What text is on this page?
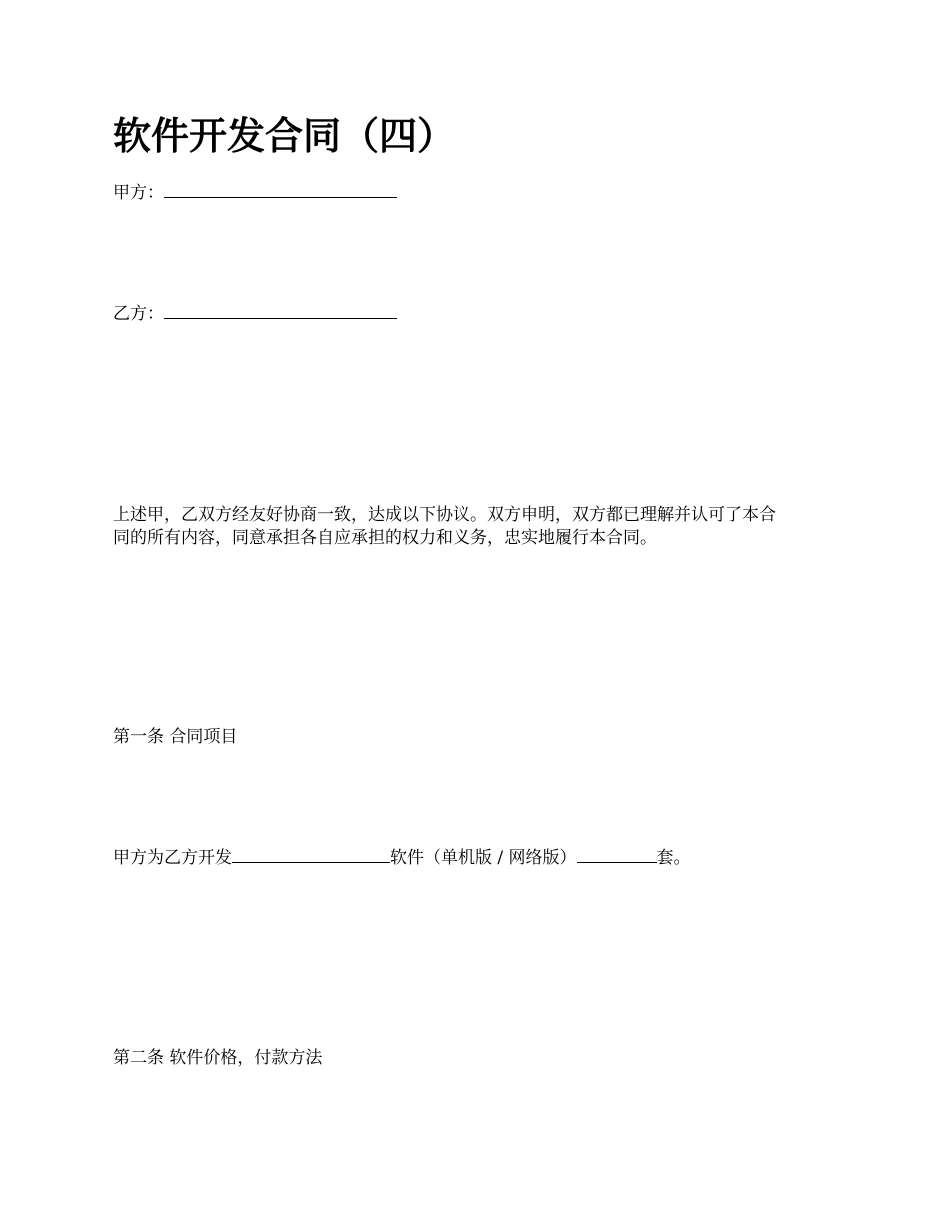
软件开发合同（四）
甲方：
乙方：
上述甲，乙双方经友好协商一致，达成以下协议。双方申明，双方都已理解并认可了本合
同的所有内容，同意承担各自应承担的权力和义务，忠实地履行本合同。
第一条 合同项目
甲方为乙方开发	软件（单机版 / 网络版）	套。
第二条 软件价格，付款方法
